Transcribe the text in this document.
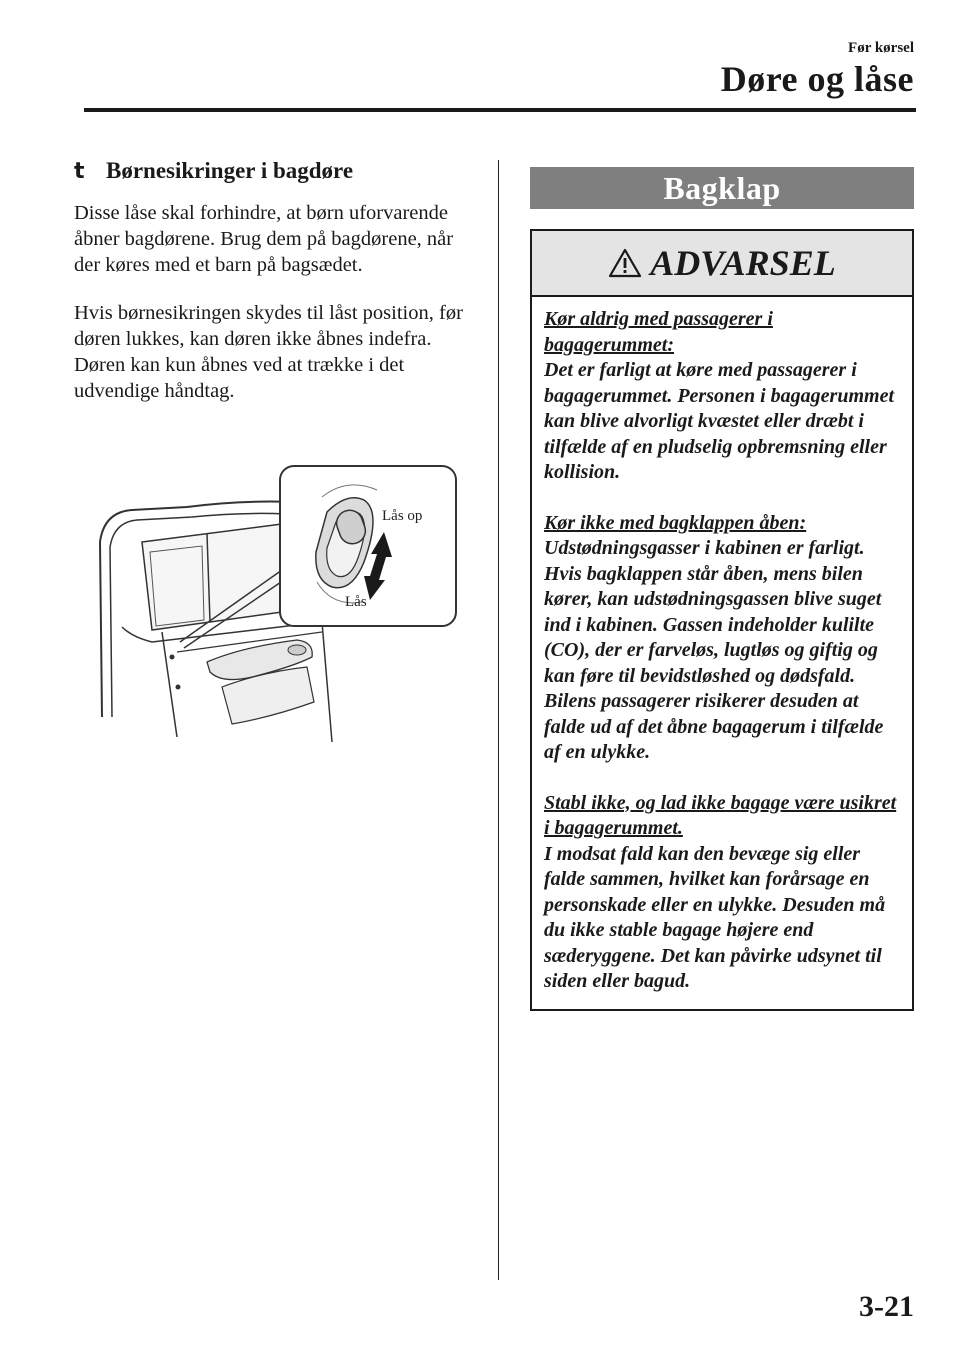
Før kørsel
Døre og låse
t Børnesikringer i bagdøre

Disse låse skal forhindre, at børn uforvarende åbner bagdørene. Brug dem på bagdørene, når der køres med et barn på bagsædet.

Hvis børnesikringen skydes til låst position, før døren lukkes, kan døren ikke åbnes indefra. Døren kan kun åbnes ved at trække i det udvendige håndtag.

Lås op
Lås
Bagklap
ADVARSEL
Kør aldrig med passagerer i bagagerummet:
Det er farligt at køre med passagerer i bagagerummet. Personen i bagagerummet kan blive alvorligt kvæstet eller dræbt i tilfælde af en pludselig opbremsning eller kollision.
Kør ikke med bagklappen åben:
Udstødningsgasser i kabinen er farligt. Hvis bagklappen står åben, mens bilen kører, kan udstødningsgassen blive suget ind i kabinen. Gassen indeholder kulilte (CO), der er farveløs, lugtløs og giftig og kan føre til bevidstløshed og dødsfald. Bilens passagerer risikerer desuden at falde ud af det åbne bagagerum i tilfælde af en ulykke.
Stabl ikke, og lad ikke bagage være usikret i bagagerummet.
I modsat fald kan den bevæge sig eller falde sammen, hvilket kan forårsage en personskade eller en ulykke. Desuden må du ikke stable bagage højere end sæderyggene. Det kan påvirke udsynet til siden eller bagud.
3-21
